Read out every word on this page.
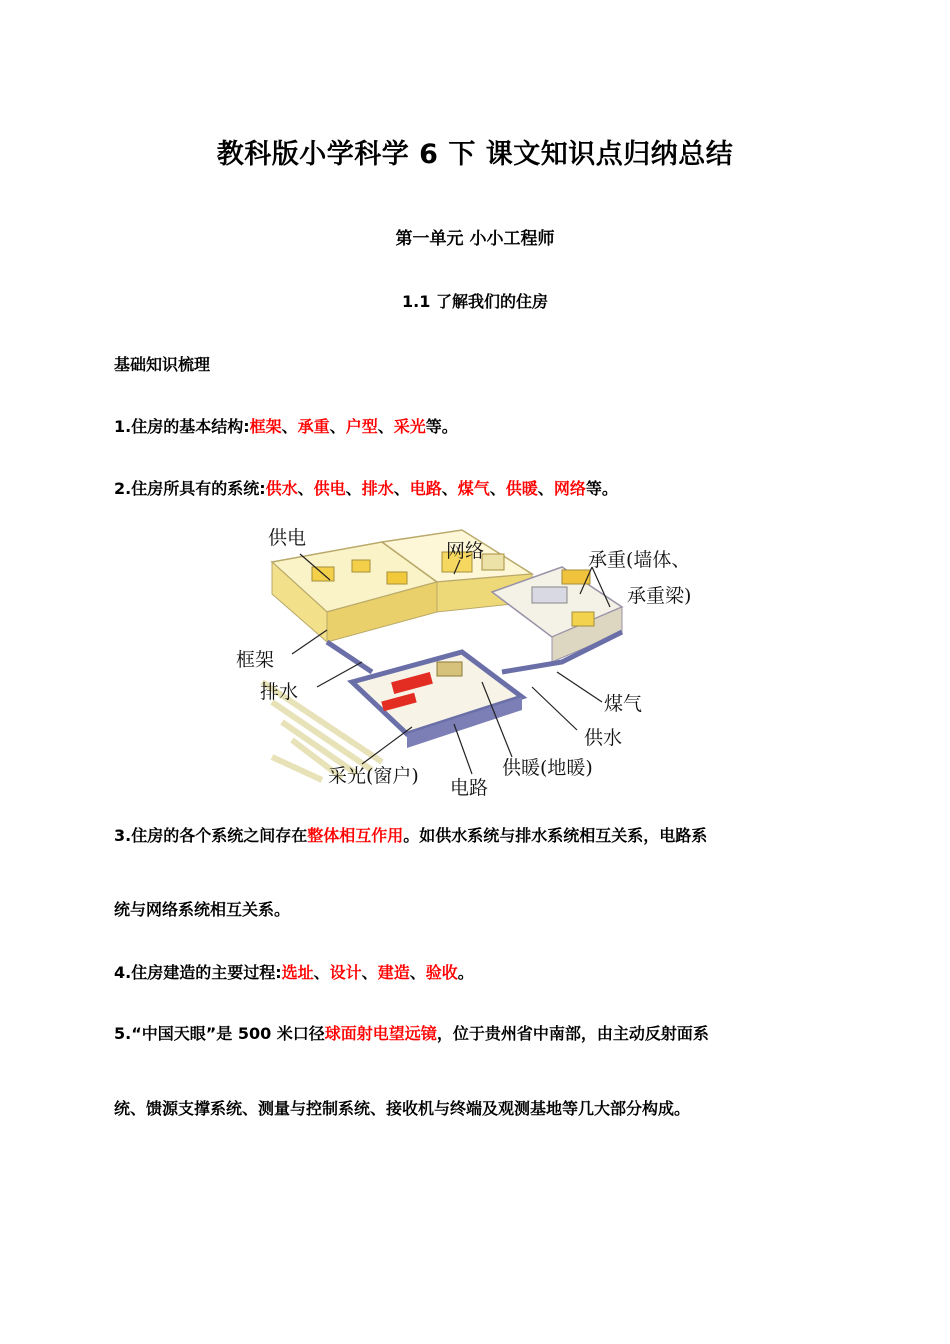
教科版小学科学 6 下 课文知识点归纳总结
第一单元 小小工程师
1.1 了解我们的住房
基础知识梳理
1.住房的基本结构:框架、承重、户型、采光等。
2.住房所具有的系统:供水、供电、排水、电路、煤气、供暖、网络等。
供电
网络	承重(墙体、
承重梁)
框架
排水
煤气
供水
供暖(地暖)
采光(窗户)
电路
3.住房的各个系统之间存在整体相互作用。如供水系统与排水系统相互关系，电路系
统与网络系统相互关系。
4.住房建造的主要过程:选址、设计、建造、验收。
5.“中国天眼”是 500 米口径球面射电望远镜，位于贵州省中南部，由主动反射面系
统、馈源支撑系统、测量与控制系统、接收机与终端及观测基地等几大部分构成。
